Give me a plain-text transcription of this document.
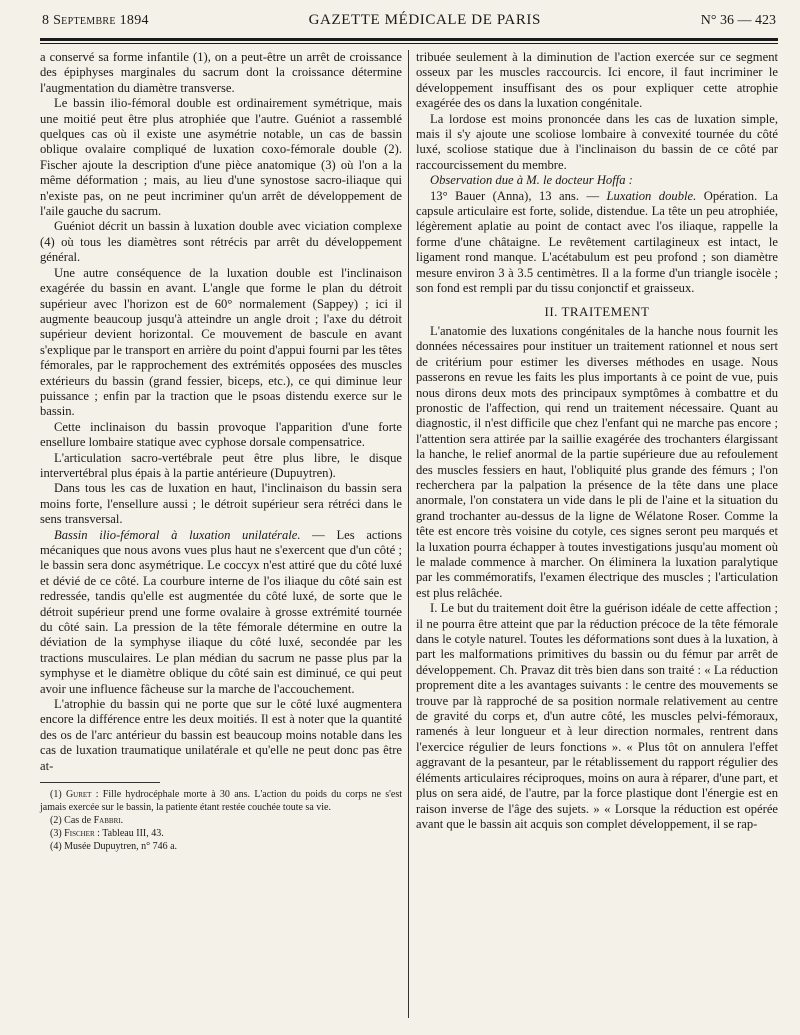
8 Septembre 1894	GAZETTE MÉDICALE DE PARIS	N° 36 — 423

a conservé sa forme infantile (1), on a peut-être un arrêt de croissance des épiphyses marginales du sacrum dont la croissance détermine l'augmentation du diamètre transverse.

Le bassin ilio-fémoral double est ordinairement symétrique, mais une moitié peut être plus atrophiée que l'autre. Guéniot a rassemblé quelques cas où il existe une asymétrie notable, un cas de bassin oblique ovalaire compliqué de luxation coxo-fémorale double (2). Fischer ajoute la description d'une pièce anatomique (3) où l'on a la même déformation ; mais, au lieu d'une synostose sacro-iliaque qui n'existe pas, on ne peut incriminer qu'un arrêt de développement de l'aile gauche du sacrum.

Guéniot décrit un bassin à luxation double avec viciation complexe (4) où tous les diamètres sont rétrécis par arrêt du développement général.

Une autre conséquence de la luxation double est l'inclinaison exagérée du bassin en avant. L'angle que forme le plan du détroit supérieur avec l'horizon est de 60° normalement (Sappey) ; ici il augmente beaucoup jusqu'à atteindre un angle droit ; l'axe du détroit supérieur devient horizontal. Ce mouvement de bascule en avant s'explique par le transport en arrière du point d'appui fourni par les têtes fémorales, par le rapprochement des extrémités opposées des muscles extérieurs du bassin (grand fessier, biceps, etc.), ce qui diminue leur puissance ; enfin par la traction que le psoas distendu exerce sur le bassin.

Cette inclinaison du bassin provoque l'apparition d'une forte ensellure lombaire statique avec cyphose dorsale compensatrice.

L'articulation sacro-vertébrale peut être plus libre, le disque intervertébral plus épais à la partie antérieure (Dupuytren).

Dans tous les cas de luxation en haut, l'inclinaison du bassin sera moins forte, l'ensellure aussi ; le détroit supérieur sera rétréci dans le sens transversal.

Bassin ilio-fémoral à luxation unilatérale. — Les actions mécaniques que nous avons vues plus haut ne s'exercent que d'un côté ; le bassin sera donc asymétrique. Le coccyx n'est attiré que du côté luxé et dévié de ce côté. La courbure interne de l'os iliaque du côté sain est redressée, tandis qu'elle est augmentée du côté luxé, de sorte que le détroit supérieur prend une forme ovalaire à grosse extrémité tournée du côté sain. La pression de la tête fémorale détermine en outre la déviation de la symphyse iliaque du côté luxé, secondée par les tractions musculaires. Le plan médian du sacrum ne passe plus par la symphyse et le diamètre oblique du côté sain est diminué, ce qui peut avoir une influence fâcheuse sur la marche de l'accouchement.

L'atrophie du bassin qui ne porte que sur le côté luxé augmentera encore la différence entre les deux moitiés. Il est à noter que la quantité des os de l'arc antérieur du bassin est beaucoup moins notable dans les cas de luxation traumatique unilatérale et qu'elle ne peut donc pas être at-

(1) Guret : Fille hydrocéphale morte à 30 ans. L'action du poids du corps ne s'est jamais exercée sur le bassin, la patiente étant restée couchée toute sa vie.

(2) Cas de Fabbri.

(3) Fischer : Tableau III, 43.

(4) Musée Dupuytren, n° 746 a.

tribuée seulement à la diminution de l'action exercée sur ce segment osseux par les muscles raccourcis. Ici encore, il faut incriminer le développement insuffisant des os pour expliquer cette atrophie exagérée des os dans la luxation congénitale.

La lordose est moins prononcée dans les cas de luxation simple, mais il s'y ajoute une scoliose lombaire à convexité tournée du côté luxé, scoliose statique due à l'inclinaison du bassin de ce côté par raccourcissement du membre.

Observation due à M. le docteur Hoffa :

13° Bauer (Anna), 13 ans. — Luxation double. Opération. La capsule articulaire est forte, solide, distendue. La tête un peu atrophiée, légèrement aplatie au point de contact avec l'os iliaque, rappelle la forme d'une châtaigne. Le revêtement cartilagineux est intact, le ligament rond manque. L'acétabulum est peu profond ; son diamètre mesure environ 3 à 3.5 centimètres. Il a la forme d'un triangle isocèle ; son fond est rempli par du tissu conjonctif et graisseux.

II. TRAITEMENT

L'anatomie des luxations congénitales de la hanche nous fournit les données nécessaires pour instituer un traitement rationnel et nous sert de critérium pour estimer les diverses méthodes en usage. Nous passerons en revue les faits les plus importants à ce point de vue, puis nous dirons deux mots des principaux symptômes à combattre et du pronostic de l'affection, qui rend un traitement nécessaire. Quant au diagnostic, il n'est difficile que chez l'enfant qui ne marche pas encore ; l'attention sera attirée par la saillie exagérée des trochanters élargissant la hanche, le relief anormal de la partie supérieure due au refoulement des muscles fessiers en haut, l'obliquité plus grande des fémurs ; l'on recherchera par la palpation la présence de la tête dans une place anormale, l'on constatera un vide dans le pli de l'aine et la situation du grand trochanter au-dessus de la ligne de Wélatone Roser. Comme la tête est encore très voisine du cotyle, ces signes seront peu marqués et la luxation pourra échapper à toutes investigations jusqu'au moment où le malade commence à marcher. On éliminera la luxation paralytique par les commémoratifs, l'examen électrique des muscles ; l'articulation est plus relâchée.

I. Le but du traitement doit être la guérison idéale de cette affection ; il ne pourra être atteint que par la réduction précoce de la tête fémorale dans le cotyle naturel. Toutes les déformations sont dues à la luxation, à part les malformations primitives du bassin ou du fémur par arrêt de développement. Ch. Pravaz dit très bien dans son traité : « La réduction proprement dite a les avantages suivants : le centre des mouvements se trouve par là rapproché de sa position normale relativement au centre de gravité du corps et, d'un autre côté, les muscles pelvi-fémoraux, ramenés à leur longueur et à leur direction normales, rentrent dans l'exercice régulier de leurs fonctions ». « Plus tôt on annulera l'effet aggravant de la pesanteur, par le rétablissement du rapport régulier des éléments articulaires réciproques, moins on aura à réparer, d'une part, et plus on sera aidé, de l'autre, par la force plastique dont l'énergie est en raison inverse de l'âge des sujets. » « Lorsque la réduction est opérée avant que le bassin ait acquis son complet développement, il se rap-
